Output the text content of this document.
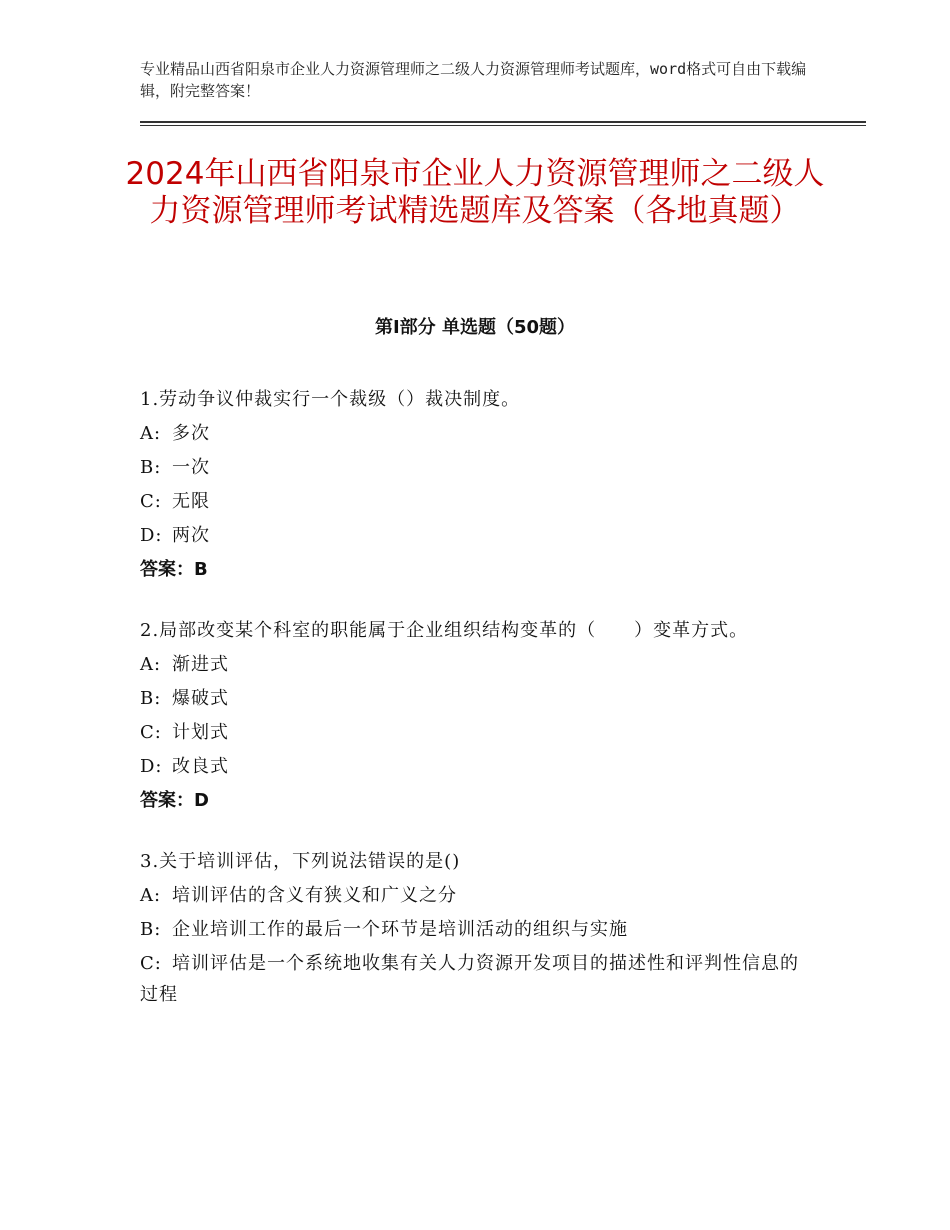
专业精品山西省阳泉市企业人力资源管理师之二级人力资源管理师考试题库，word格式可自由下载编辑，附完整答案！
2024年山西省阳泉市企业人力资源管理师之二级人力资源管理师考试精选题库及答案（各地真题）
第Ⅰ部分 单选题（50题）
1.劳动争议仲裁实行一个裁级（）裁决制度。
A: 多次
B: 一次
C: 无限
D: 两次
答案：B
2.局部改变某个科室的职能属于企业组织结构变革的（　　）变革方式。
A: 渐进式
B: 爆破式
C: 计划式
D: 改良式
答案：D
3.关于培训评估，下列说法错误的是()
A: 培训评估的含义有狭义和广义之分
B: 企业培训工作的最后一个环节是培训活动的组织与实施
C: 培训评估是一个系统地收集有关人力资源开发项目的描述性和评判性信息的过程
